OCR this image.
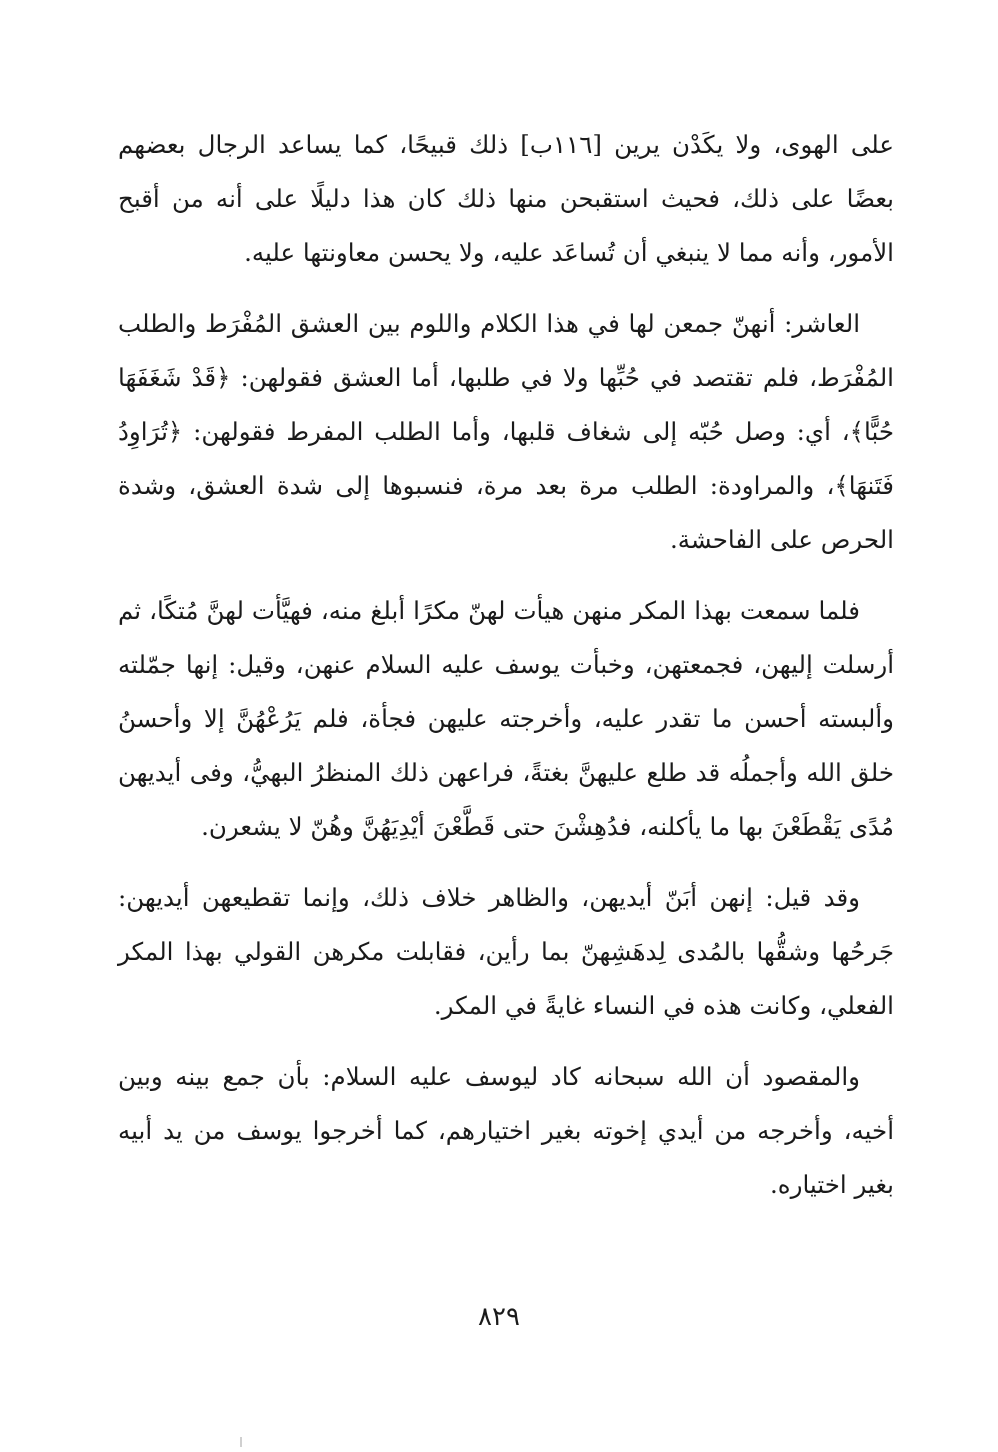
على الهوى، ولا يكَدْن يرين [١١٦ب] ذلك قبيحًا، كما يساعد الرجال بعضهم بعضًا على ذلك، فحيث استقبحن منها ذلك كان هذا دليلًا على أنه من أقبح الأمور، وأنه مما لا ينبغي أن تُساعَد عليه، ولا يحسن معاونتها عليه.

العاشر: أنهنّ جمعن لها في هذا الكلام واللوم بين العشق المُفْرَط والطلب المُفْرَط، فلم تقتصد في حُبِّها ولا في طلبها، أما العشق فقولهن: ﴿قَدْ شَغَفَهَا حُبًّا﴾، أي: وصل حُبّه إلى شغاف قلبها، وأما الطلب المفرط فقولهن: ﴿تُرَاوِدُ فَتَنهَا﴾، والمراودة: الطلب مرة بعد مرة، فنسبوها إلى شدة العشق، وشدة الحرص على الفاحشة.

فلما سمعت بهذا المكر منهن هيأت لهنّ مكرًا أبلغ منه، فهيَّأت لهنَّ مُتكًا، ثم أرسلت إليهن، فجمعتهن، وخبأت يوسف عليه السلام عنهن، وقيل: إنها جمّلته وألبسته أحسن ما تقدر عليه، وأخرجته عليهن فجأة، فلم يَرُعْهُنَّ إلا وأحسنُ خلق الله وأجملُه قد طلع عليهنَّ بغتةً، فراعهن ذلك المنظرُ البهيُّ، وفى أيديهن مُدًى يَقْطَعْنَ بها ما يأكلنه، فدُهِشْنَ حتى قَطَّعْنَ أيْدِيَهُنَّ وهُنّ لا يشعرن.

وقد قيل: إنهن أبَنّ أيديهن، والظاهر خلاف ذلك، وإنما تقطيعهن أيديهن: جَرحُها وشقُّها بالمُدى لِدهَشِهنّ بما رأين، فقابلت مكرهن القولي بهذا المكر الفعلي، وكانت هذه في النساء غايةً في المكر.

والمقصود أن الله سبحانه كاد ليوسف عليه السلام: بأن جمع بينه وبين أخيه، وأخرجه من أيدي إخوته بغير اختيارهم، كما أخرجوا يوسف من يد أبيه بغير اختياره.

٨٢٩
